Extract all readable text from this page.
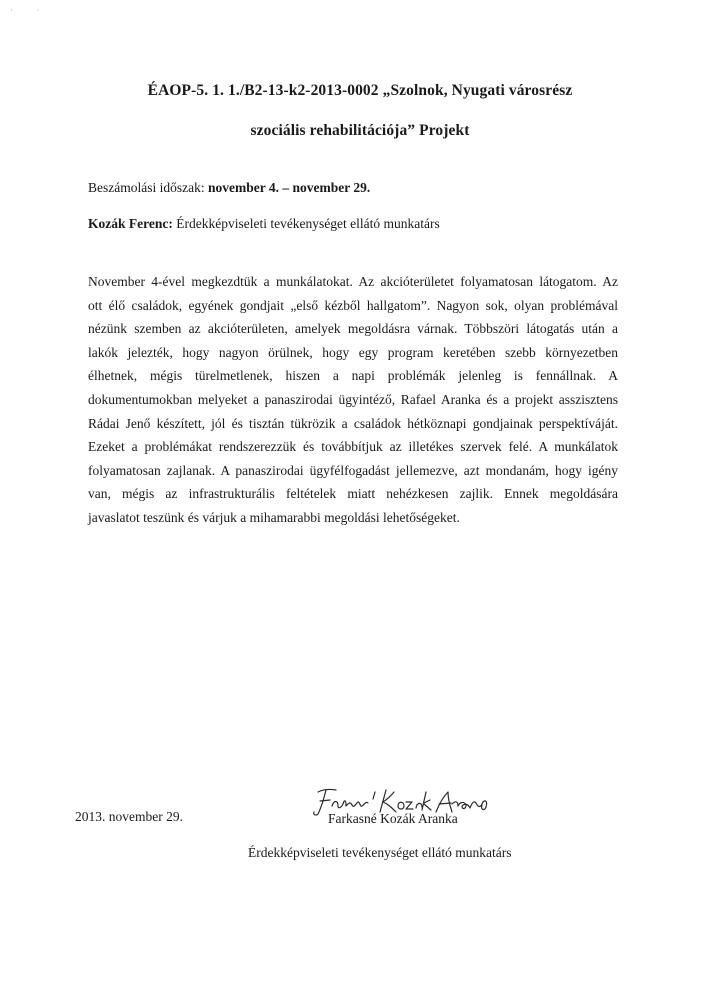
·            ·
ÉAOP-5. 1. 1./B2-13-k2-2013-0002 „Szolnok, Nyugati városrész
szociális rehabilitációja” Projekt
Beszámolási időszak: november 4. – november 29.
Kozák Ferenc: Érdekképviseleti tevékenységet ellátó munkatárs
November 4-ével megkezdtük a munkálatokat. Az akcióterületet folyamatosan látogatom. Az
ott élő családok, egyének gondjait „első kézből hallgatom”. Nagyon sok, olyan problémával
nézünk szemben az akcióterületen, amelyek megoldásra várnak. Többszöri látogatás után a
lakók jelezték, hogy nagyon örülnek, hogy egy program keretében szebb környezetben
élhetnek, mégis türelmetlenek, hiszen a napi problémák jelenleg is fennállnak. A
dokumentumokban melyeket a panaszirodai ügyintéző, Rafael Aranka és a projekt asszisztens
Rádai Jenő készített, jól és tisztán tükrözik a családok hétköznapi gondjainak perspektíváját.
Ezeket a problémákat rendszerezzük és továbbítjuk az illetékes szervek felé. A munkálatok
folyamatosan zajlanak. A panaszirodai ügyfélfogadást jellemezve, azt mondanám, hogy igény
van, mégis az infrastrukturális feltételek miatt nehézkesen zajlik. Ennek megoldására
javaslatot teszünk és várjuk a mihamarabbi megoldási lehetőségeket.
2013. november 29.	Farkasné Kozák Aranka
Érdekképviseleti tevékenységet ellátó munkatárs
